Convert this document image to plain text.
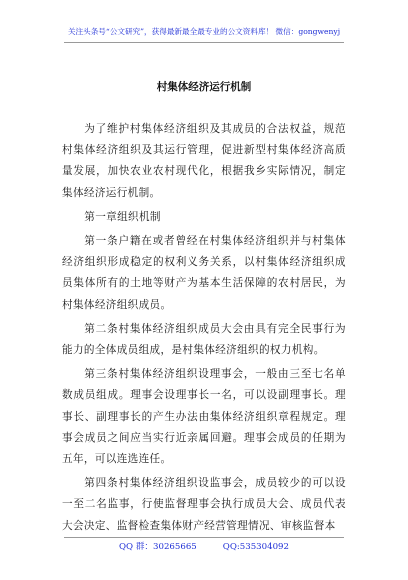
关注头条号“公文研究”，获得最新最全最专业的公文资料库！ 微信：gongwenyj
村集体经济运行机制

为了维护村集体经济组织及其成员的合法权益，规范村集体经济组织及其运行管理，促进新型村集体经济高质量发展，加快农业农村现代化，根据我乡实际情况，制定集体经济运行机制。

第一章组织机制

第一条户籍在或者曾经在村集体经济组织并与村集体经济组织形成稳定的权利义务关系，以村集体经济组织成员集体所有的土地等财产为基本生活保障的农村居民，为村集体经济组织成员。

第二条村集体经济组织成员大会由具有完全民事行为能力的全体成员组成，是村集体经济组织的权力机构。

第三条村集体经济组织设理事会，一般由三至七名单数成员组成。理事会设理事长一名，可以设副理事长。理事长、副理事长的产生办法由集体经济组织章程规定。理事会成员之间应当实行近亲属回避。理事会成员的任期为五年，可以连选连任。

第四条村集体经济组织设监事会，成员较少的可以设一至二名监事，行使监督理事会执行成员大会、成员代表大会决定、监督检查集体财产经营管理情况、审核监督本

QQ 群：30265665	QQ:535304092
